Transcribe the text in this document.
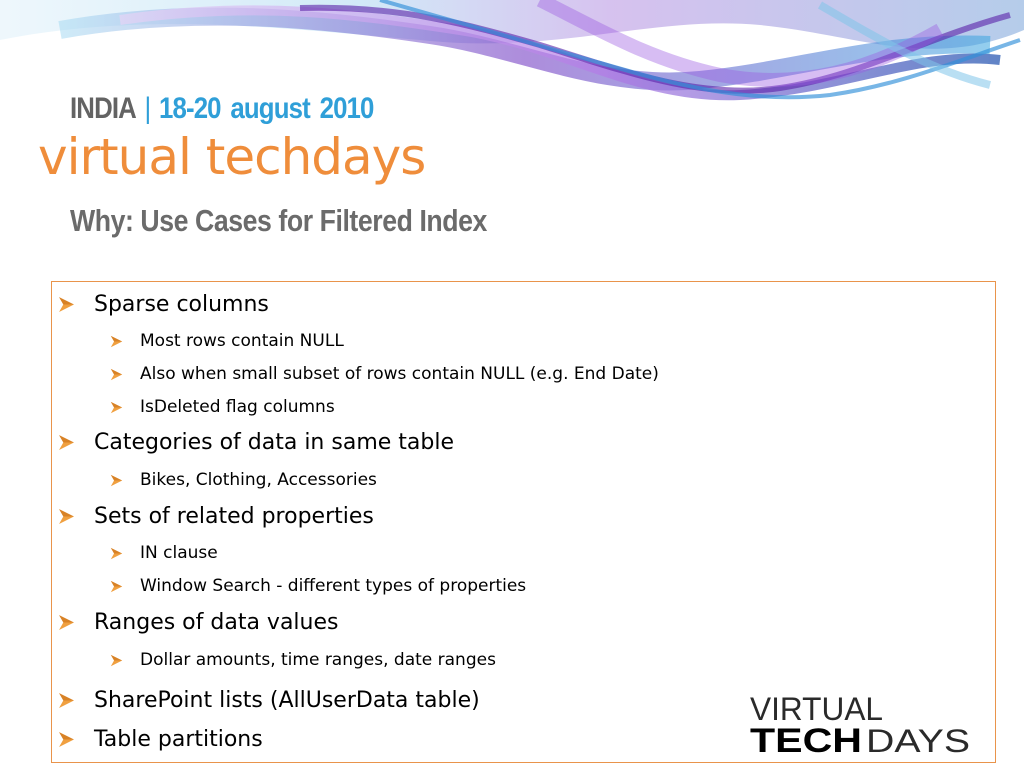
INDIA | 18-20 august 2010
virtual techdays
Why: Use Cases for Filtered Index
Sparse columns
Most rows contain NULL
Also when small subset of rows contain NULL (e.g. End Date)
IsDeleted flag columns
Categories of data in same table
Bikes, Clothing, Accessories
Sets of related properties
IN clause
Window Search - different types of properties
Ranges of data values
Dollar amounts, time ranges, date ranges
SharePoint lists (AllUserData table)
Table partitions
VIRTUAL
TECH DAYS
